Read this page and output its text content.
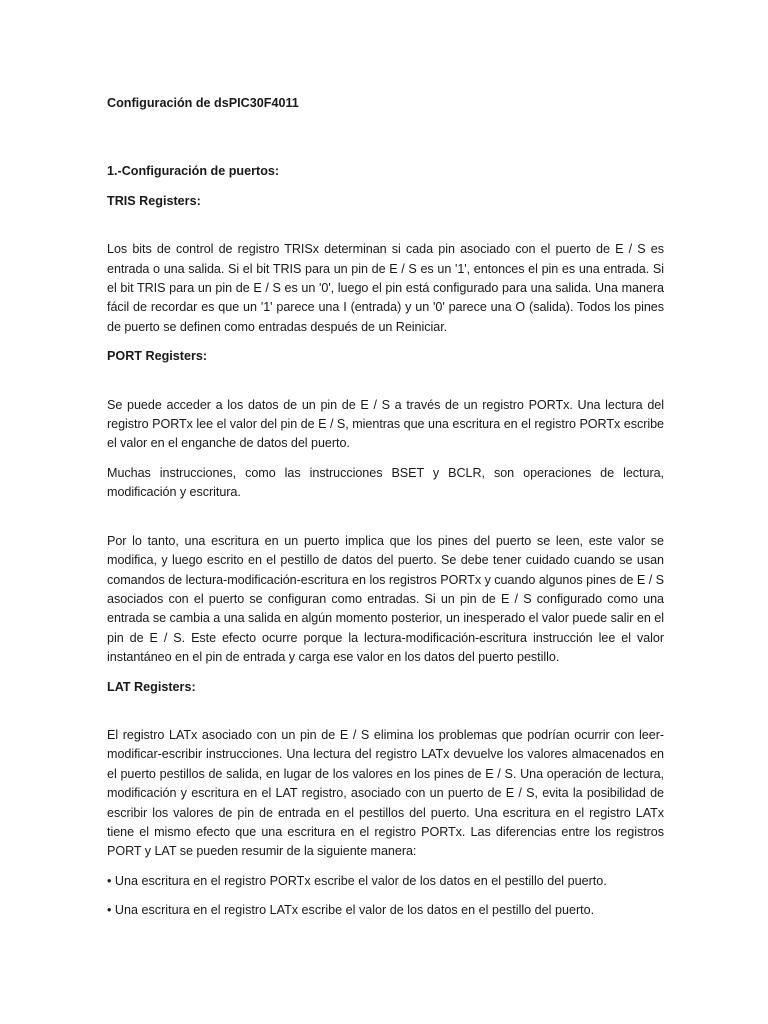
Configuración de dsPIC30F4011

1.-Configuración de puertos:

TRIS Registers:

Los bits de control de registro TRISx determinan si cada pin asociado con el puerto de E / S es entrada o una salida. Si el bit TRIS para un pin de E / S es un '1', entonces el pin es una entrada. Si el bit TRIS para un pin de E / S es un '0', luego el pin está configurado para una salida. Una manera fácil de recordar es que un '1' parece una I (entrada) y un '0' parece una O (salida). Todos los pines de puerto se definen como entradas después de un Reiniciar.

PORT Registers:

Se puede acceder a los datos de un pin de E / S a través de un registro PORTx. Una lectura del registro PORTx lee el valor del pin de E / S, mientras que una escritura en el registro PORTx escribe el valor en el enganche de datos del puerto.

Muchas instrucciones, como las instrucciones BSET y BCLR, son operaciones de lectura, modificación y escritura.

Por lo tanto, una escritura en un puerto implica que los pines del puerto se leen, este valor se modifica, y luego escrito en el pestillo de datos del puerto. Se debe tener cuidado cuando se usan comandos de lectura-modificación-escritura en los registros PORTx y cuando algunos pines de E / S asociados con el puerto se configuran como entradas. Si un pin de E / S configurado como una entrada se cambia a una salida en algún momento posterior, un inesperado el valor puede salir en el pin de E / S. Este efecto ocurre porque la lectura-modificación-escritura instrucción lee el valor instantáneo en el pin de entrada y carga ese valor en los datos del puerto pestillo.

LAT Registers:

El registro LATx asociado con un pin de E / S elimina los problemas que podrían ocurrir con leer-modificar-escribir instrucciones. Una lectura del registro LATx devuelve los valores almacenados en el puerto pestillos de salida, en lugar de los valores en los pines de E / S. Una operación de lectura, modificación y escritura en el LAT registro, asociado con un puerto de E / S, evita la posibilidad de escribir los valores de pin de entrada en el pestillos del puerto. Una escritura en el registro LATx tiene el mismo efecto que una escritura en el registro PORTx. Las diferencias entre los registros PORT y LAT se pueden resumir de la siguiente manera:

• Una escritura en el registro PORTx escribe el valor de los datos en el pestillo del puerto.

• Una escritura en el registro LATx escribe el valor de los datos en el pestillo del puerto.
